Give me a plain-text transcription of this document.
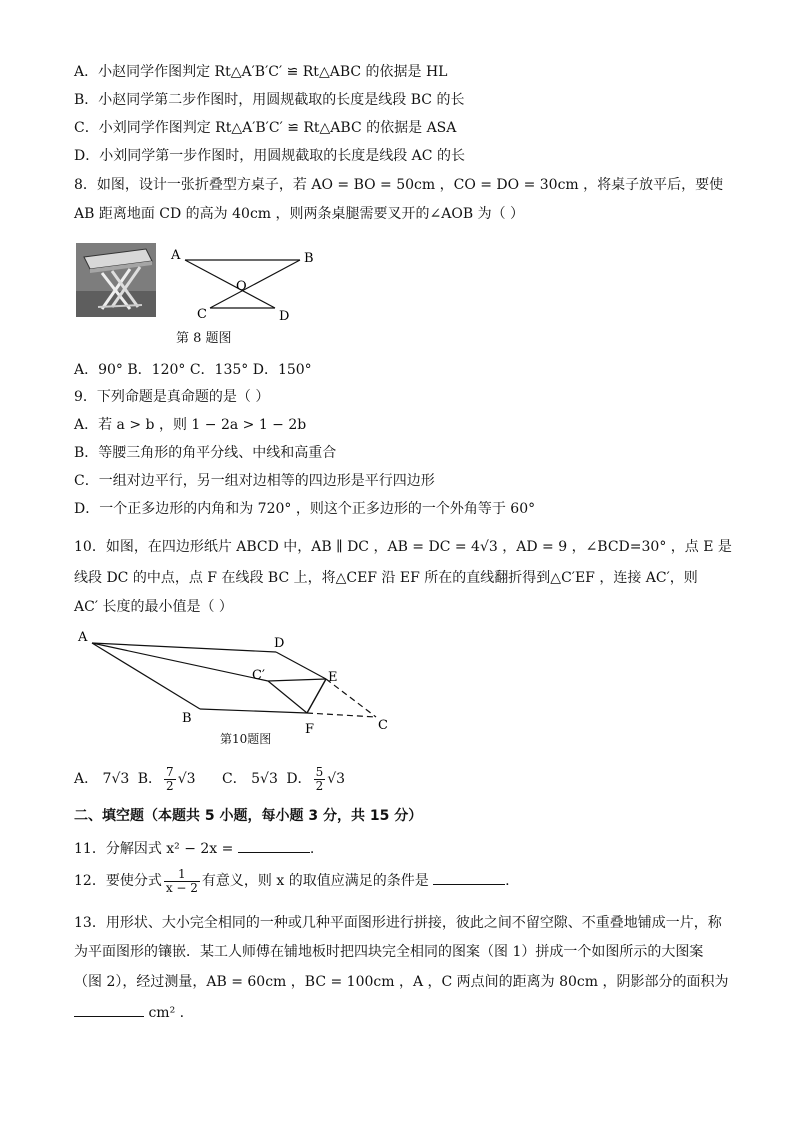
A．小赵同学作图判定 Rt△A′B′C′ ≌ Rt△ABC 的依据是 HL
B．小赵同学第二步作图时，用圆规截取的长度是线段 BC 的长
C．小刘同学作图判定 Rt△A′B′C′ ≌ Rt△ABC 的依据是 ASA
D．小刘同学第一步作图时，用圆规截取的长度是线段 AC 的长
8．如图，设计一张折叠型方桌子，若 AO = BO = 50cm ，CO = DO = 30cm ，将桌子放平后，要使
AB 距离地面 CD 的高为 40cm ，则两条桌腿需要叉开的∠AOB 为（ ）
A	B
O
C	D
第 8 题图
A．90° B．120° C．135° D．150°
9．下列命题是真命题的是（ ）
A．若 a > b ，则 1 − 2a > 1 − 2b
B．等腰三角形的角平分线、中线和高重合
C．一组对边平行，另一组对边相等的四边形是平行四边形
D．一个正多边形的内角和为 720° ，则这个正多边形的一个外角等于 60°
10．如图，在四边形纸片 ABCD 中，AB ∥ DC ，AB = DC = 4√3 ，AD = 9 ，∠BCD=30° ，点 E 是
线段 DC 的中点，点 F 在线段 BC 上，将△CEF 沿 EF 所在的直线翻折得到△C′EF ，连接 AC′，则
AC′ 长度的最小值是（ ）
A
B	C
C′
D
E
F
第10题图
A． 7√3 B． $\frac{7}{2} √3$ C． 5√3 D． $\frac{5}{2} √3$
二、填空题（本题共 5 小题，每小题 3 分，共 15 分）
11．分解因式 x² − 2x =	.
12．要使分式 $\frac{1}{x - 2}$ 有意义，则 x 的取值应满足的条件是	.
13．用形状、大小完全相同的一种或几种平面图形进行拼接，彼此之间不留空隙、不重叠地铺成一片，称
为平面图形的镶嵌．某工人师傅在铺地板时把四块完全相同的图案（图 1）拼成一个如图所示的大图案
（图 2），经过测量，AB = 60cm ，BC = 100cm ，A ，C 两点间的距离为 80cm ，阴影部分的面积为
cm² .
